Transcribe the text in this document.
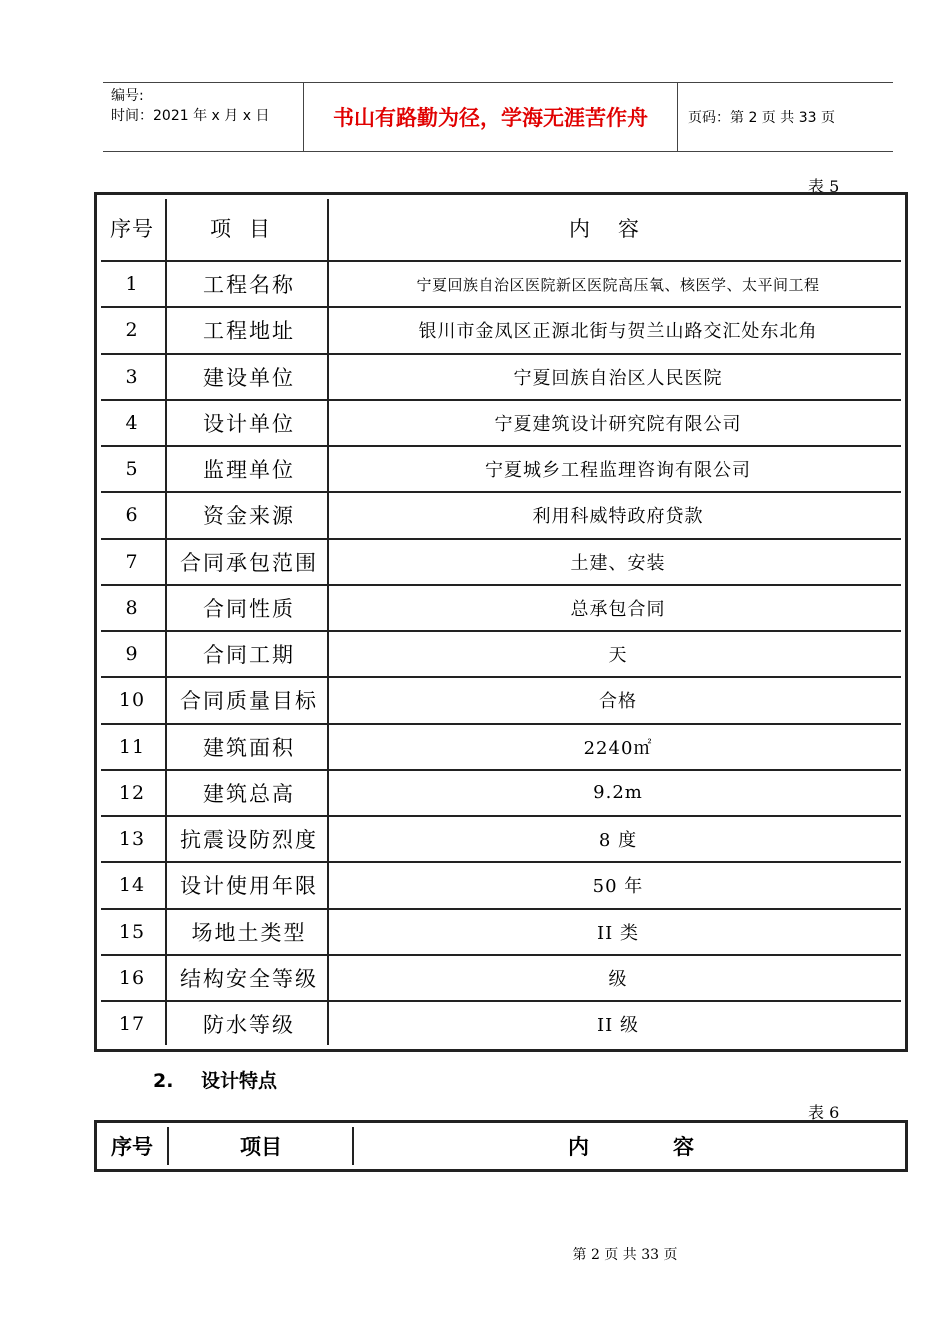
编号:
时间：2021 年 x 月 x 日	书山有路勤为径，学海无涯苦作舟	页码：第 2 页 共 33 页
表 5
序号	项目	内容
1	工程名称	宁夏回族自治区医院新区医院高压氧、核医学、太平间工程
2	工程地址	银川市金凤区正源北街与贺兰山路交汇处东北角
3	建设单位	宁夏回族自治区人民医院
4	设计单位	宁夏建筑设计研究院有限公司
5	监理单位	宁夏城乡工程监理咨询有限公司
6	资金来源	利用科威特政府贷款
7	合同承包范围	土建、安装
8	合同性质	总承包合同
9	合同工期	天
10	合同质量目标	合格
11	建筑面积	2240㎡
12	建筑总高	9.2m
13	抗震设防烈度	8 度
14	设计使用年限	50 年
15	场地土类型	II 类
16	结构安全等级	级
17	防水等级	II 级
2. 设计特点
表 6
序号	项目	内　　　　容
第 2 页 共 33 页
